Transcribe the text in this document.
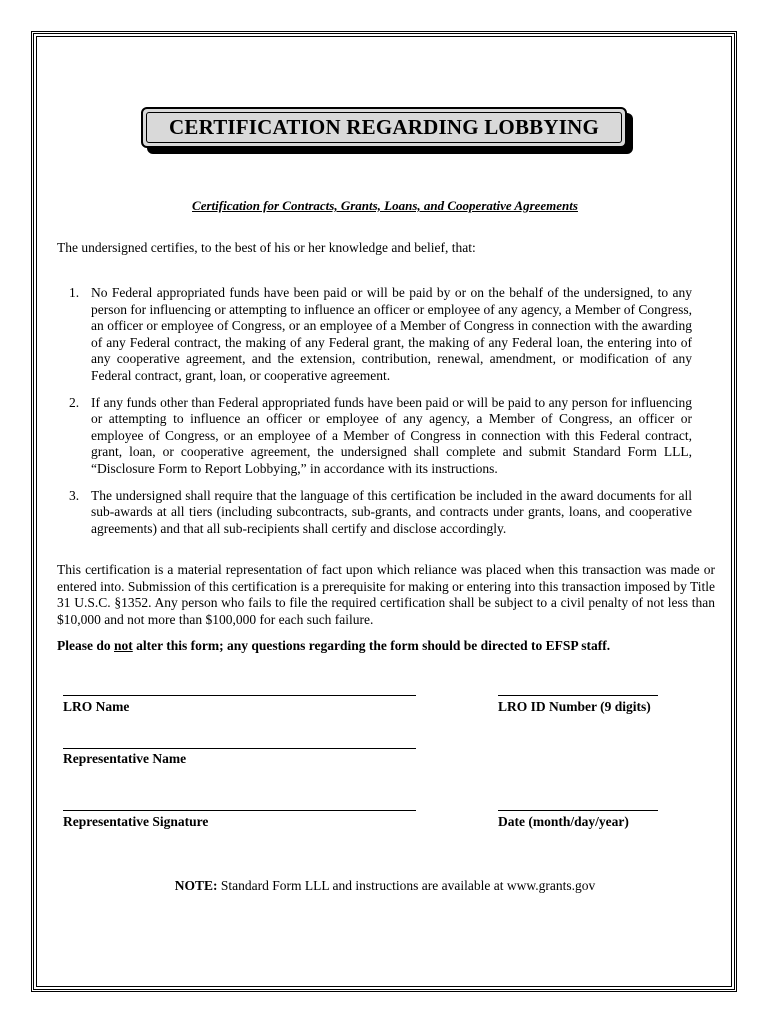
CERTIFICATION REGARDING LOBBYING
Certification for Contracts, Grants, Loans, and Cooperative Agreements
The undersigned certifies, to the best of his or her knowledge and belief, that:
1. No Federal appropriated funds have been paid or will be paid by or on the behalf of the undersigned, to any person for influencing or attempting to influence an officer or employee of any agency, a Member of Congress, an officer or employee of Congress, or an employee of a Member of Congress in connection with the awarding of any Federal contract, the making of any Federal grant, the making of any Federal loan, the entering into of any cooperative agreement, and the extension, contribution, renewal, amendment, or modification of any Federal contract, grant, loan, or cooperative agreement.
2. If any funds other than Federal appropriated funds have been paid or will be paid to any person for influencing or attempting to influence an officer or employee of any agency, a Member of Congress, an officer or employee of Congress, or an employee of a Member of Congress in connection with this Federal contract, grant, loan, or cooperative agreement, the undersigned shall complete and submit Standard Form LLL, “Disclosure Form to Report Lobbying,” in accordance with its instructions.
3. The undersigned shall require that the language of this certification be included in the award documents for all sub-awards at all tiers (including subcontracts, sub-grants, and contracts under grants, loans, and cooperative agreements) and that all sub-recipients shall certify and disclose accordingly.
This certification is a material representation of fact upon which reliance was placed when this transaction was made or entered into. Submission of this certification is a prerequisite for making or entering into this transaction imposed by Title 31 U.S.C. §1352. Any person who fails to file the required certification shall be subject to a civil penalty of not less than $10,000 and not more than $100,000 for each such failure.
Please do not alter this form; any questions regarding the form should be directed to EFSP staff.
LRO Name	LRO ID Number (9 digits)
Representative Name
Representative Signature	Date (month/day/year)
NOTE: Standard Form LLL and instructions are available at www.grants.gov
